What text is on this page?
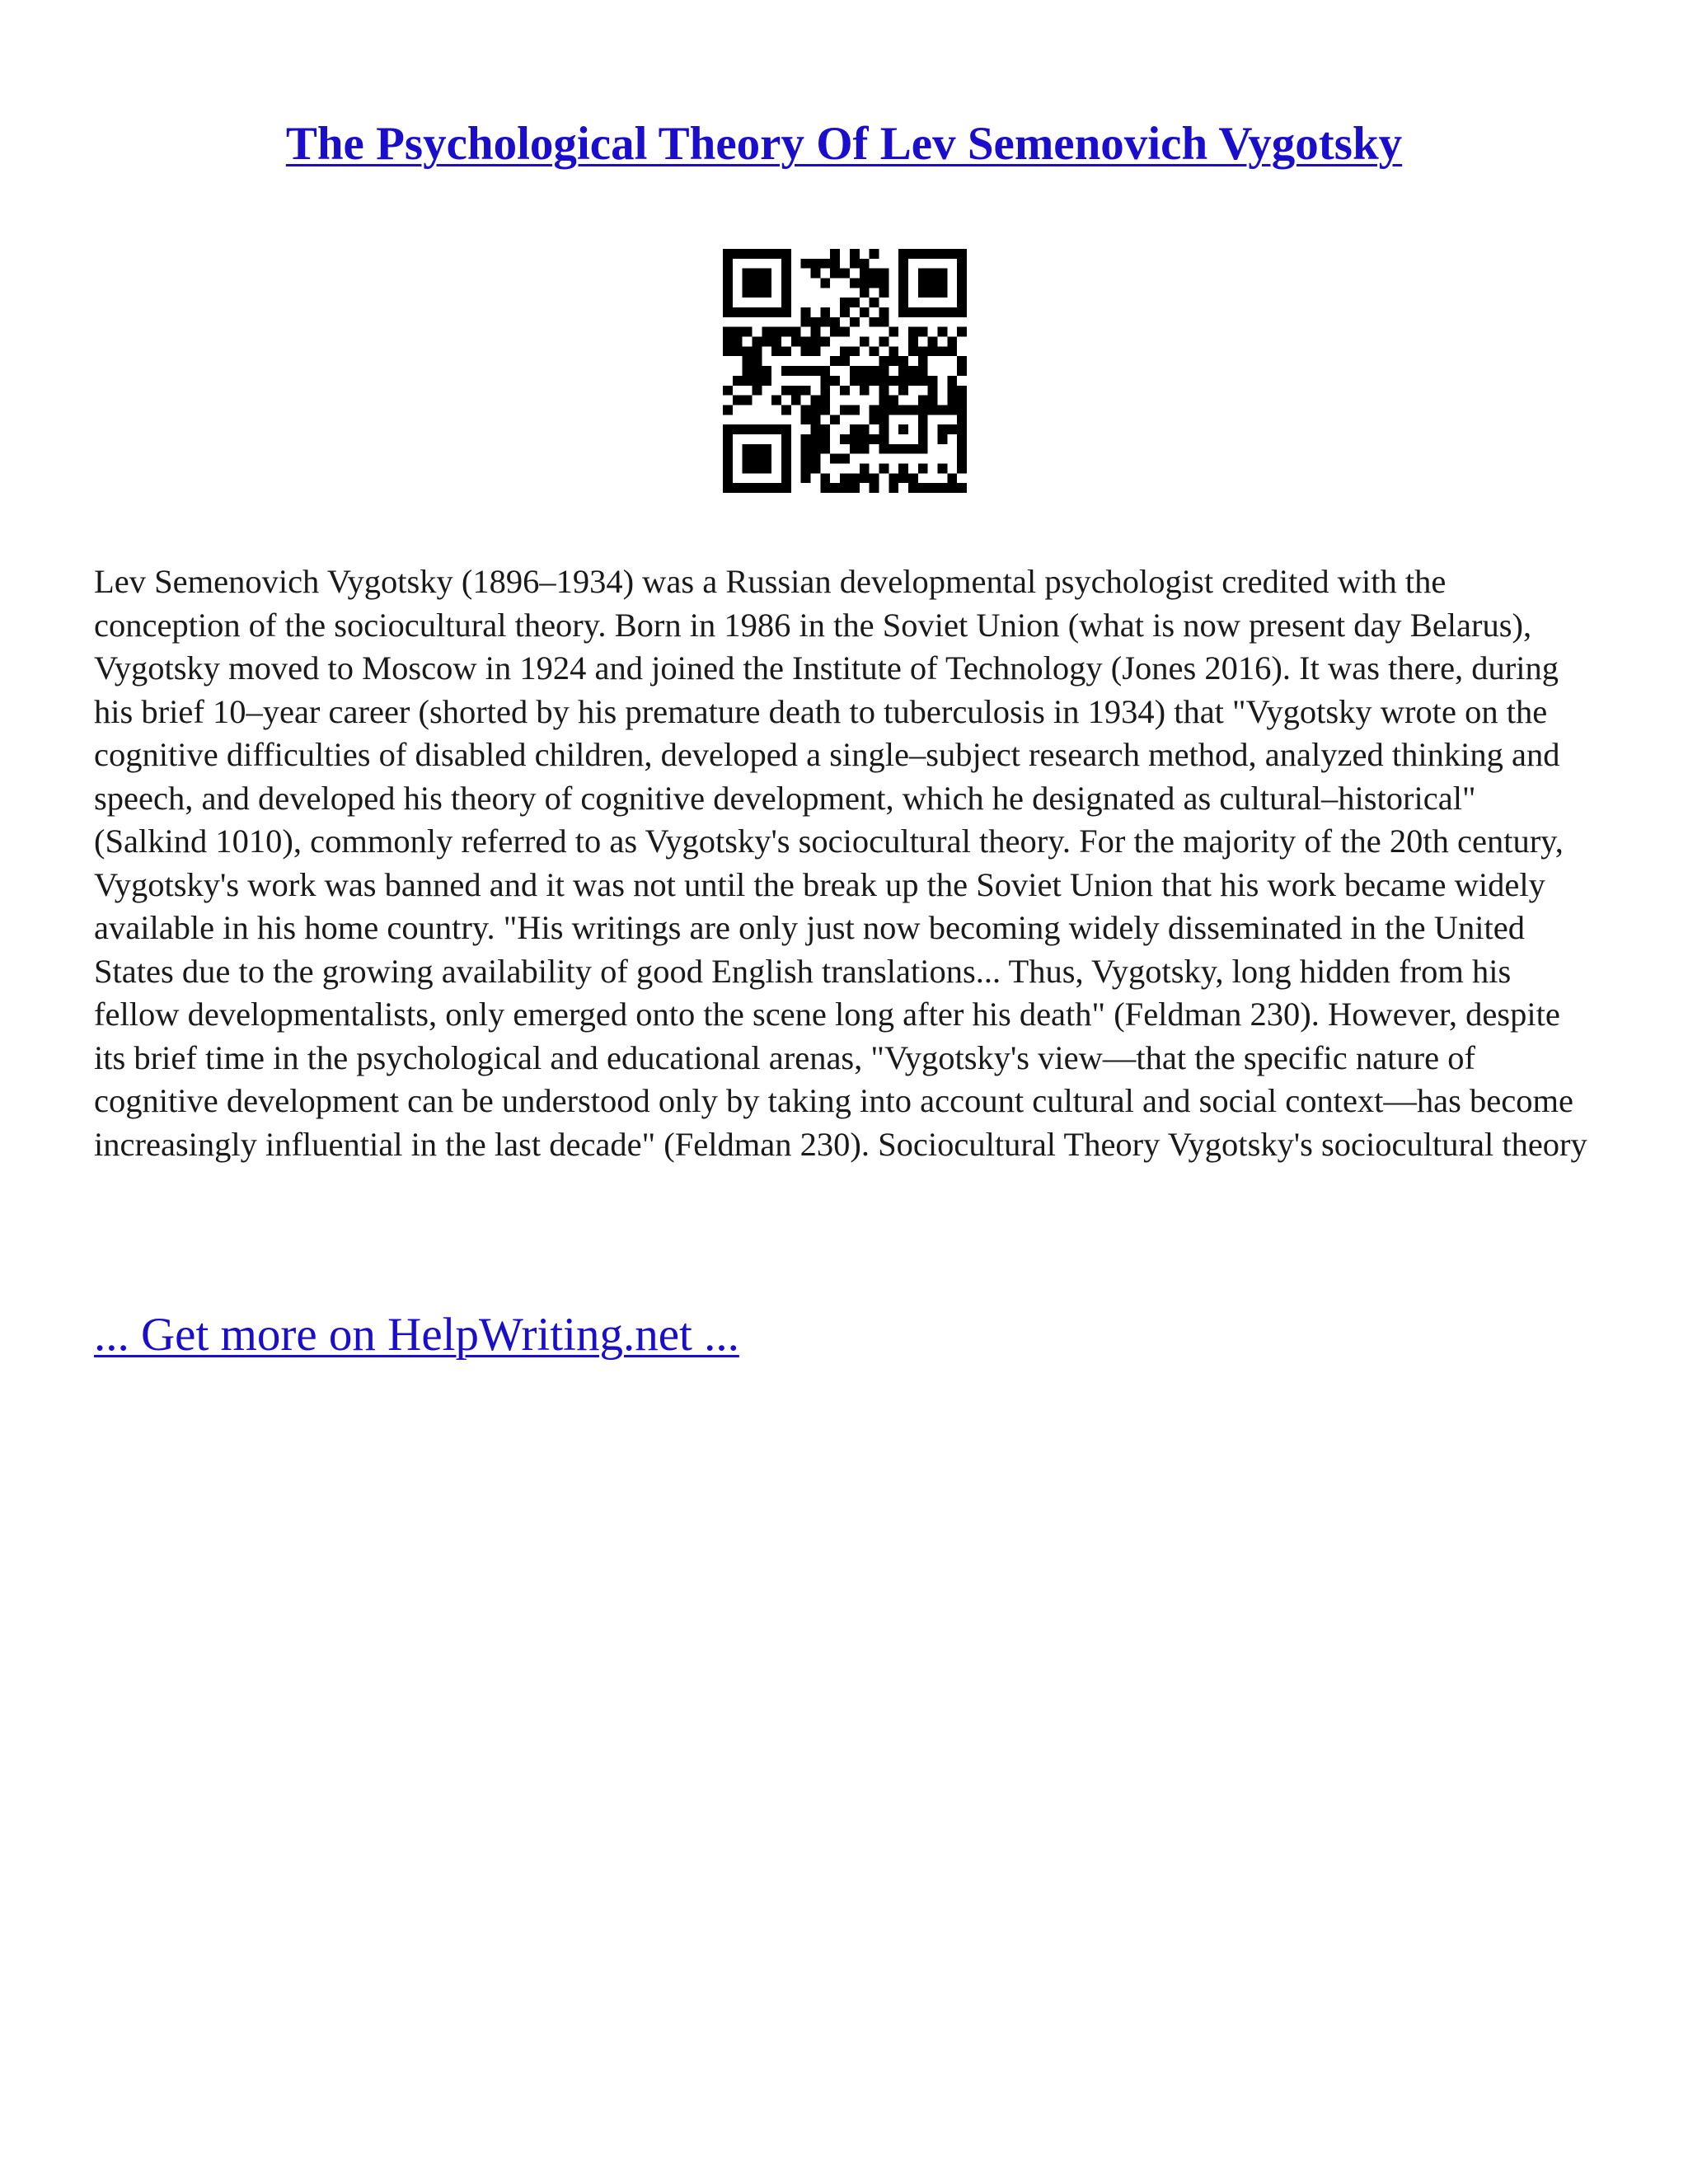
The Psychological Theory Of Lev Semenovich Vygotsky

Lev Semenovich Vygotsky (1896–1934) was a Russian developmental psychologist credited with the conception of the sociocultural theory. Born in 1986 in the Soviet Union (what is now present day Belarus), Vygotsky moved to Moscow in 1924 and joined the Institute of Technology (Jones 2016). It was there, during his brief 10–year career (shorted by his premature death to tuberculosis in 1934) that "Vygotsky wrote on the cognitive difficulties of disabled children, developed a single–subject research method, analyzed thinking and speech, and developed his theory of cognitive development, which he designated as cultural–historical" (Salkind 1010), commonly referred to as Vygotsky's sociocultural theory. For the majority of the 20th century, Vygotsky's work was banned and it was not until the break up the Soviet Union that his work became widely available in his home country. "His writings are only just now becoming widely disseminated in the United States due to the growing availability of good English translations... Thus, Vygotsky, long hidden from his fellow developmentalists, only emerged onto the scene long after his death" (Feldman 230). However, despite its brief time in the psychological and educational arenas, "Vygotsky's view—that the specific nature of cognitive development can be understood only by taking into account cultural and social context—has become increasingly influential in the last decade" (Feldman 230). Sociocultural Theory Vygotsky's sociocultural theory

... Get more on HelpWriting.net ...
